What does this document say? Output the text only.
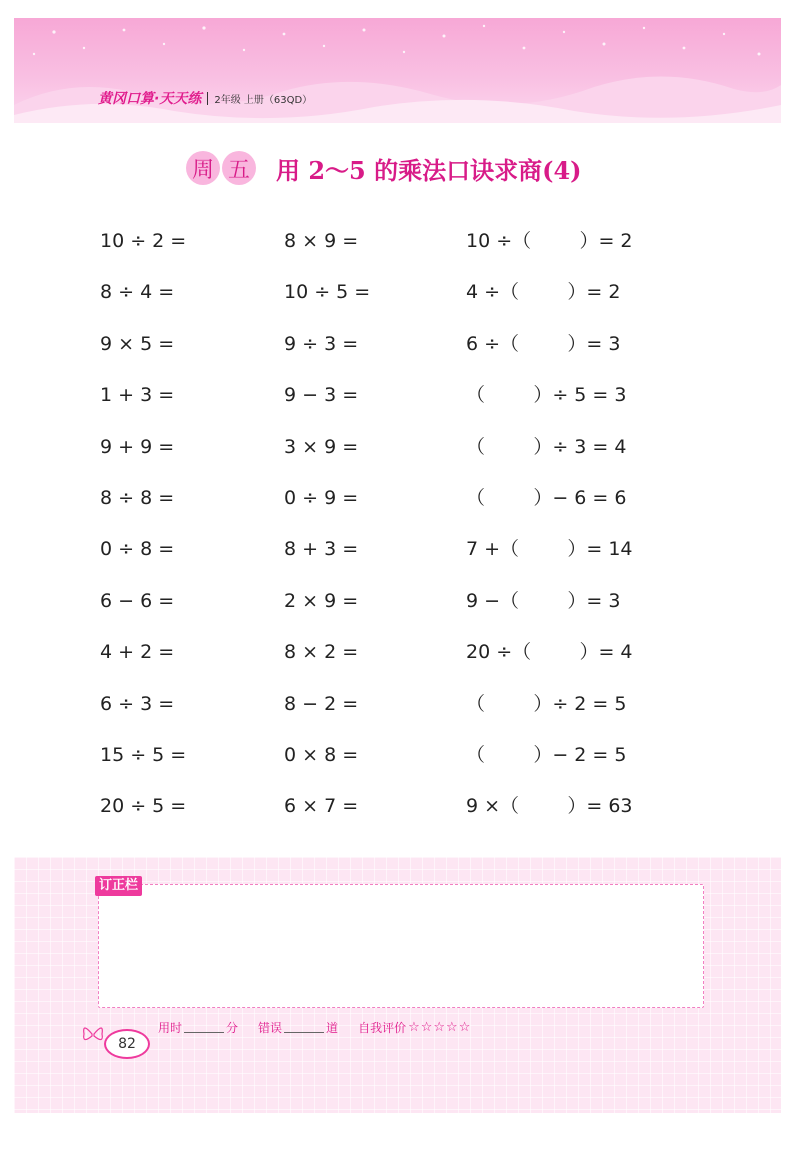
黄冈口算·天天练 2年级 上册（63QD）
周 五 用 2～5 的乘法口诀求商(4)
10 ÷ 2 =	8 × 9 =	10 ÷（        ）= 2
8 ÷ 4 =	10 ÷ 5 =	4 ÷（        ）= 2
9 × 5 =	9 ÷ 3 =	6 ÷（        ）= 3
1 + 3 =	9 − 3 =	（        ）÷ 5 = 3
9 + 9 =	3 × 9 =	（        ）÷ 3 = 4
8 ÷ 8 =	0 ÷ 9 =	（        ）− 6 = 6
0 ÷ 8 =	8 + 3 =	7 +（        ）= 14
6 − 6 =	2 × 9 =	9 −（        ）= 3
4 + 2 =	8 × 2 =	20 ÷（        ）= 4
6 ÷ 3 =	8 − 2 =	（        ）÷ 2 = 5
15 ÷ 5 =	0 × 8 =	（        ）− 2 = 5
20 ÷ 5 =	6 × 7 =	9 ×（        ）= 63
订正栏
82
用时	分 错误	道 自我评价 ☆☆☆☆☆
